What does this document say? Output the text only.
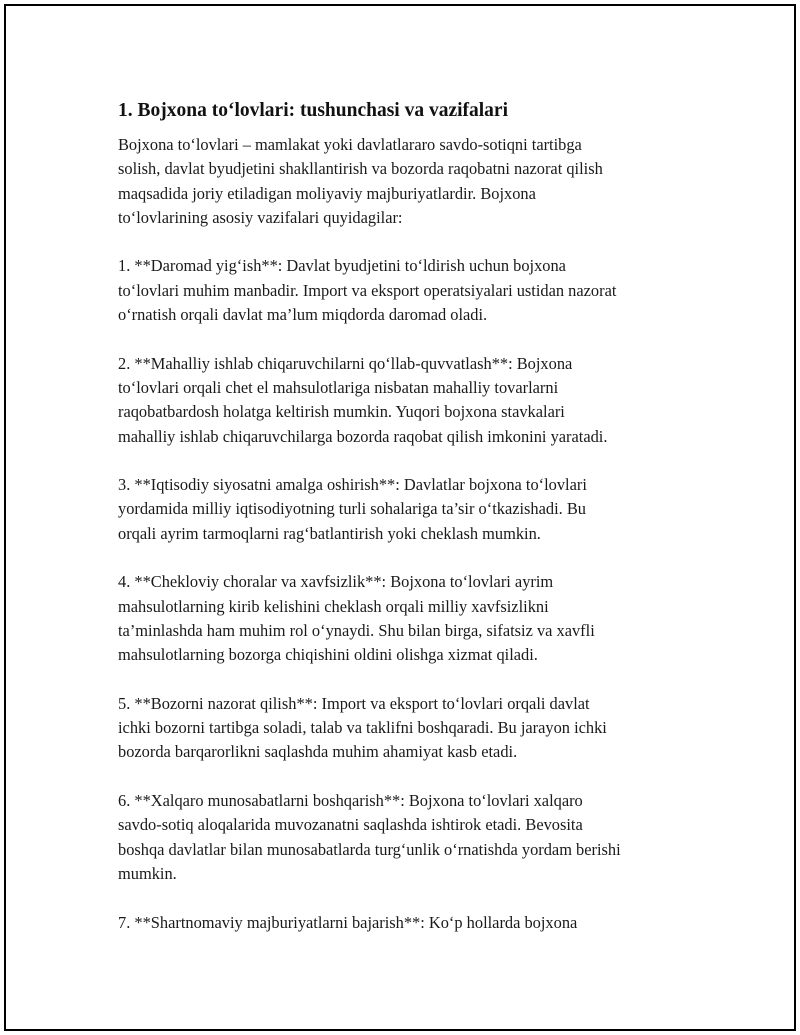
1. Bojxona to‘lovlari: tushunchasi va vazifalari

Bojxona to‘lovlari – mamlakat yoki davlatlararo savdo-sotiqni tartibga
solish, davlat byudjetini shakllantirish va bozorda raqobatni nazorat qilish
maqsadida joriy etiladigan moliyaviy majburiyatlardir. Bojxona
to‘lovlarining asosiy vazifalari quyidagilar:

1. **Daromad yig‘ish**: Davlat byudjetini to‘ldirish uchun bojxona
to‘lovlari muhim manbadir. Import va eksport operatsiyalari ustidan nazorat
o‘rnatish orqali davlat ma’lum miqdorda daromad oladi.

2. **Mahalliy ishlab chiqaruvchilarni qo‘llab-quvvatlash**: Bojxona
to‘lovlari orqali chet el mahsulotlariga nisbatan mahalliy tovarlarni
raqobatbardosh holatga keltirish mumkin. Yuqori bojxona stavkalari
mahalliy ishlab chiqaruvchilarga bozorda raqobat qilish imkonini yaratadi.

3. **Iqtisodiy siyosatni amalga oshirish**: Davlatlar bojxona to‘lovlari
yordamida milliy iqtisodiyotning turli sohalariga ta’sir o‘tkazishadi. Bu
orqali ayrim tarmoqlarni rag‘batlantirish yoki cheklash mumkin.

4. **Chekloviy choralar va xavfsizlik**: Bojxona to‘lovlari ayrim
mahsulotlarning kirib kelishini cheklash orqali milliy xavfsizlikni
ta’minlashda ham muhim rol o‘ynaydi. Shu bilan birga, sifatsiz va xavfli
mahsulotlarning bozorga chiqishini oldini olishga xizmat qiladi.

5. **Bozorni nazorat qilish**: Import va eksport to‘lovlari orqali davlat
ichki bozorni tartibga soladi, talab va taklifni boshqaradi. Bu jarayon ichki
bozorda barqarorlikni saqlashda muhim ahamiyat kasb etadi.

6. **Xalqaro munosabatlarni boshqarish**: Bojxona to‘lovlari xalqaro
savdo-sotiq aloqalarida muvozanatni saqlashda ishtirok etadi. Bevosita
boshqa davlatlar bilan munosabatlarda turg‘unlik o‘rnatishda yordam berishi
mumkin.

7. **Shartnomaviy majburiyatlarni bajarish**: Ko‘p hollarda bojxona
